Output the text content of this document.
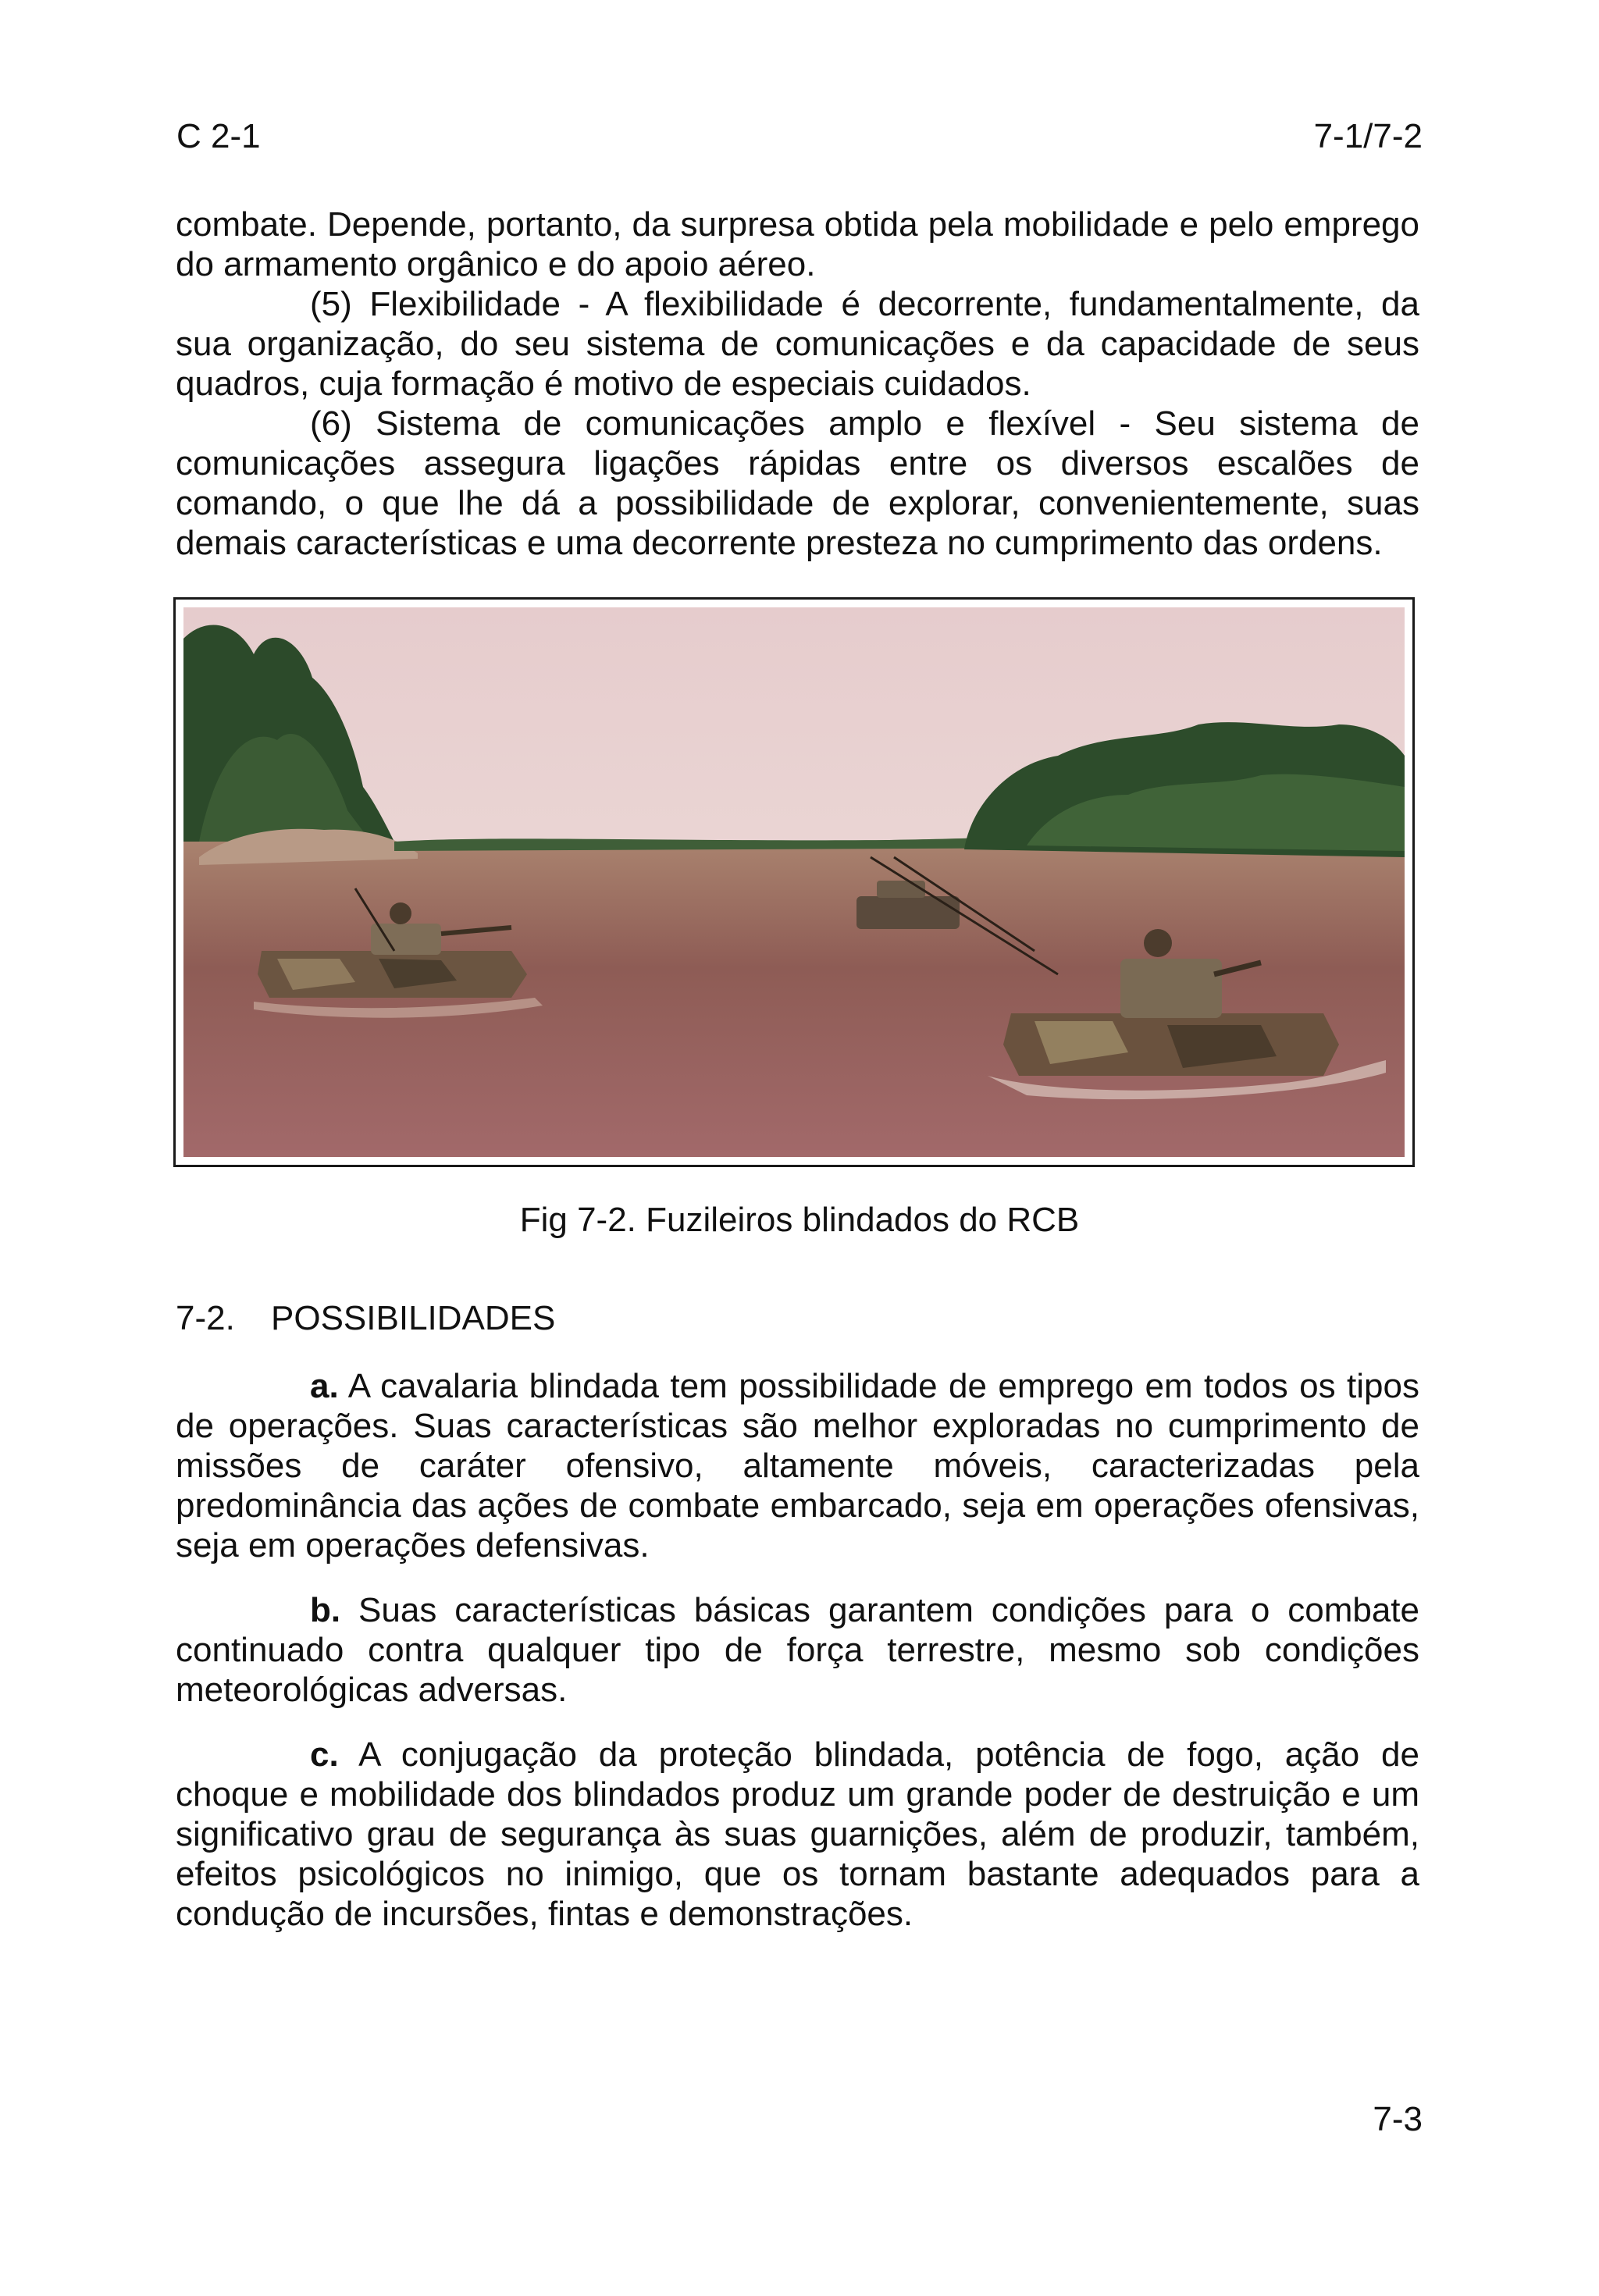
C 2-1	7-1/7-2

combate. Depende, portanto, da surpresa obtida pela mobilidade e pelo emprego do armamento orgânico e do apoio aéreo.

(5) Flexibilidade - A flexibilidade é decorrente, fundamentalmente, da sua organização, do seu sistema de comunicações e da capacidade de seus quadros, cuja formação é motivo de especiais cuidados.

(6) Sistema de comunicações amplo e flexível - Seu sistema de comunicações assegura ligações rápidas entre os diversos escalões de comando, o que lhe dá a possibilidade de explorar, convenientemente, suas demais características e uma decorrente presteza no cumprimento das ordens.

Fig 7-2. Fuzileiros blindados do RCB
7-2. POSSIBILIDADES
a. A cavalaria blindada tem possibilidade de emprego em todos os tipos de operações. Suas características são melhor exploradas no cumprimento de missões de caráter ofensivo, altamente móveis, caracterizadas pela predominância das ações de combate embarcado, seja em operações ofensivas, seja em operações defensivas.
b. Suas características básicas garantem condições para o combate continuado contra qualquer tipo de força terrestre, mesmo sob condições meteorológicas adversas.
c. A conjugação da proteção blindada, potência de fogo, ação de choque e mobilidade dos blindados produz um grande poder de destruição e um significativo grau de segurança às suas guarnições, além de produzir, também, efeitos psicológicos no inimigo, que os tornam bastante adequados para a condução de incursões, fintas e demonstrações.
7-3
